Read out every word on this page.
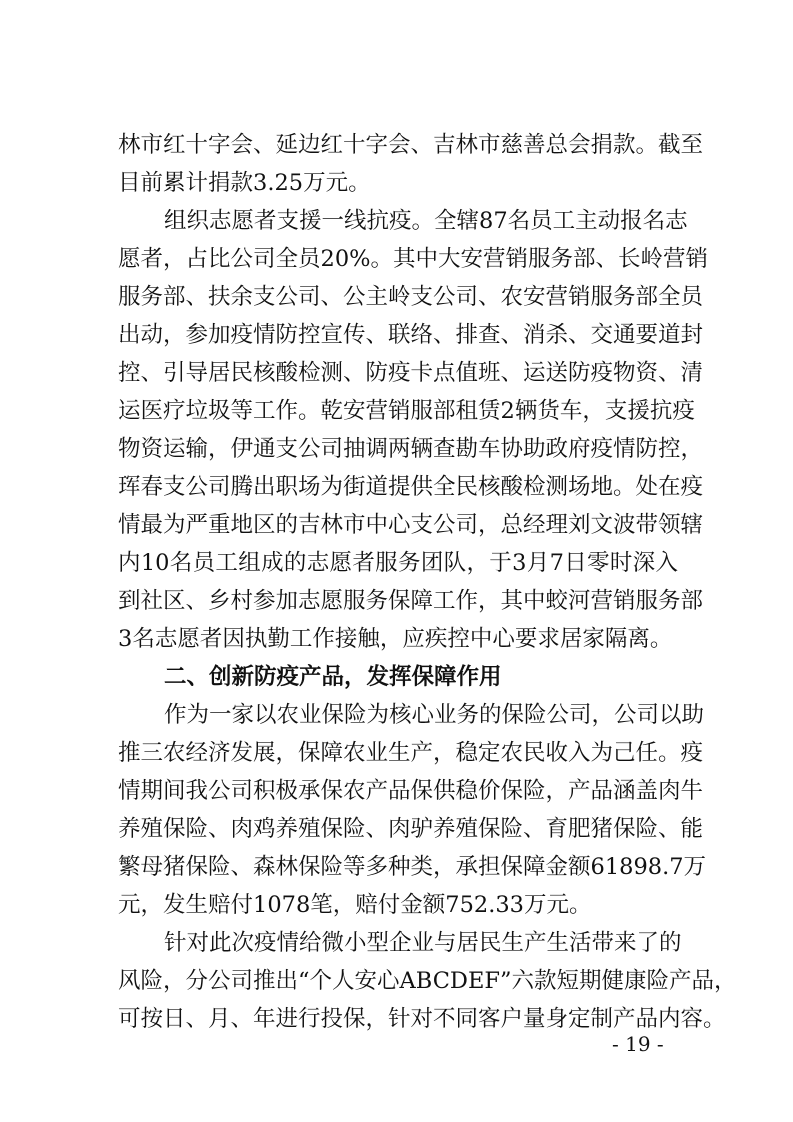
林市红十字会、延边红十字会、吉林市慈善总会捐款。截至
目前累计捐款3.25万元。
组织志愿者支援一线抗疫。全辖87名员工主动报名志
愿者，占比公司全员20%。其中大安营销服务部、长岭营销
服务部、扶余支公司、公主岭支公司、农安营销服务部全员
出动，参加疫情防控宣传、联络、排查、消杀、交通要道封
控、引导居民核酸检测、防疫卡点值班、运送防疫物资、清
运医疗垃圾等工作。乾安营销服部租赁2辆货车，支援抗疫
物资运输，伊通支公司抽调两辆查勘车协助政府疫情防控，
珲春支公司腾出职场为街道提供全民核酸检测场地。处在疫
情最为严重地区的吉林市中心支公司，总经理刘文波带领辖
内10名员工组成的志愿者服务团队，于3月7日零时深入
到社区、乡村参加志愿服务保障工作，其中蛟河营销服务部
3名志愿者因执勤工作接触，应疾控中心要求居家隔离。
二、创新防疫产品，发挥保障作用
作为一家以农业保险为核心业务的保险公司，公司以助
推三农经济发展，保障农业生产，稳定农民收入为己任。疫
情期间我公司积极承保农产品保供稳价保险，产品涵盖肉牛
养殖保险、肉鸡养殖保险、肉驴养殖保险、育肥猪保险、能
繁母猪保险、森林保险等多种类，承担保障金额61898.7万
元，发生赔付1078笔，赔付金额752.33万元。
针对此次疫情给微小型企业与居民生产生活带来了的
风险，分公司推出“个人安心ABCDEF”六款短期健康险产品，
可按日、月、年进行投保，针对不同客户量身定制产品内容。
- 19 -
